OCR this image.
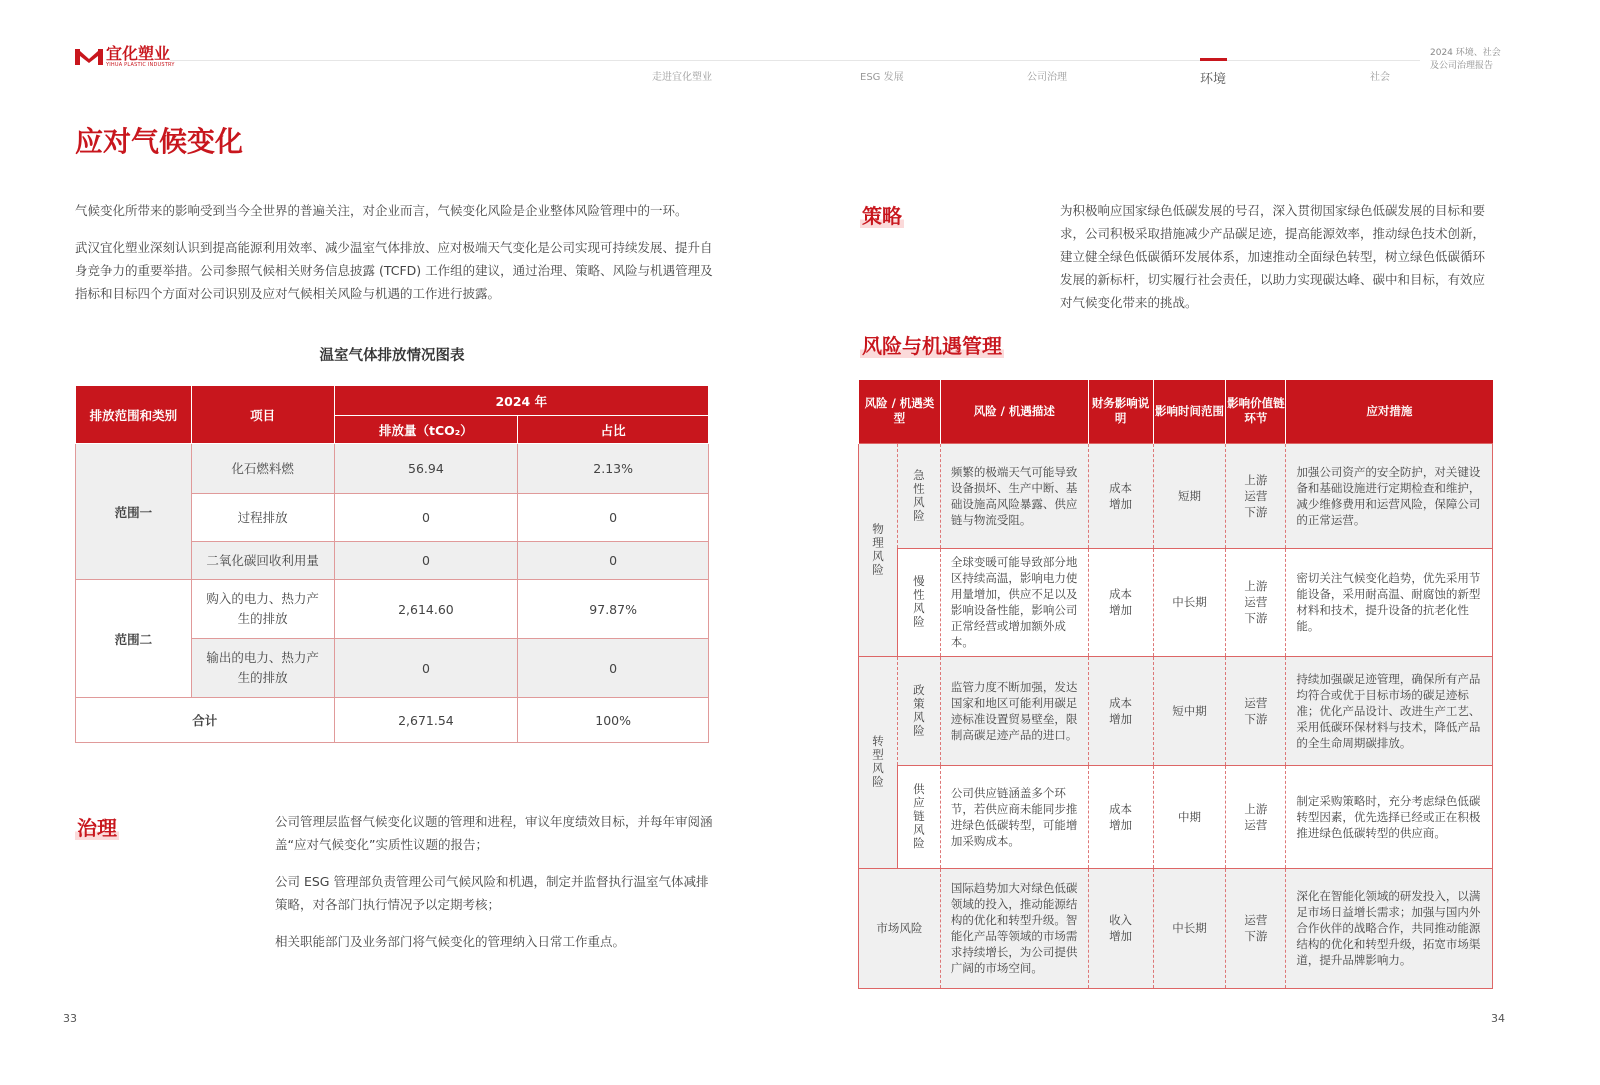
宜化塑业
YIHUA PLASTIC INDUSTRY
走进宜化塑业	ESG 发展	公司治理	环境	社会
2024 环境、社会
及公司治理报告
应对气候变化

气候变化所带来的影响受到当今全世界的普遍关注，对企业而言，气候变化风险是企业整体风险管理中的一环。

武汉宜化塑业深刻认识到提高能源利用效率、减少温室气体排放、应对极端天气变化是公司实现可持续发展、提升自身竞争力的重要举措。公司参照气候相关财务信息披露 (TCFD) 工作组的建议，通过治理、策略、风险与机遇管理及指标和目标四个方面对公司识别及应对气候相关风险与机遇的工作进行披露。

温室气体排放情况图表
排放范围和类别	项目	2024 年	
		排放量（tCO₂）	占比
范围一	化石燃料燃	56.94	2.13%
	过程排放	0	0
	二氧化碳回收利用量	0	0
范围二	购入的电力、热力产生的排放	2,614.60	97.87%
	输出的电力、热力产生的排放	0	0
合计		2,671.54	100%
治理	公司管理层监督气候变化议题的管理和进程，审议年度绩效目标，并每年审阅涵盖“应对气候变化”实质性议题的报告；

公司 ESG 管理部负责管理公司气候风险和机遇，制定并监督执行温室气体减排策略，对各部门执行情况予以定期考核；

相关职能部门及业务部门将气候变化的管理纳入日常工作重点。

策略	为积极响应国家绿色低碳发展的号召，深入贯彻国家绿色低碳发展的目标和要求，公司积极采取措施减少产品碳足迹，提高能源效率，推动绿色技术创新，建立健全绿色低碳循环发展体系，加速推动全面绿色转型，树立绿色低碳循环发展的新标杆，切实履行社会责任，以助力实现碳达峰、碳中和目标，有效应对气候变化带来的挑战。

风险与机遇管理
风险 / 机遇类型		风险 / 机遇描述	财务影响说明	影响时间范围	影响价值链环节	应对措施
物理风险	急性风险	频繁的极端天气可能导致设备损坏、生产中断、基础设施高风险暴露、供应链与物流受阻。	成本增加	短期	上游运营下游	加强公司资产的安全防护，对关键设备和基础设施进行定期检查和维护，减少维修费用和运营风险，保障公司的正常运营。
	慢性风险	全球变暖可能导致部分地区持续高温，影响电力使用量增加，供应不足以及影响设备性能，影响公司正常经营或增加额外成本。	成本增加	中长期	上游运营下游	密切关注气候变化趋势，优先采用节能设备，采用耐高温、耐腐蚀的新型材料和技术，提升设备的抗老化性能。
转型风险	政策风险	监管力度不断加强，发达国家和地区可能利用碳足迹标准设置贸易壁垒，限制高碳足迹产品的进口。	成本增加	短中期	运营下游	持续加强碳足迹管理，确保所有产品均符合或优于目标市场的碳足迹标准；优化产品设计、改进生产工艺、采用低碳环保材料与技术，降低产品的全生命周期碳排放。
	供应链风险	公司供应链涵盖多个环节，若供应商未能同步推进绿色低碳转型，可能增加采购成本。	成本增加	中期	上游运营	制定采购策略时，充分考虑绿色低碳转型因素，优先选择已经或正在积极推进绿色低碳转型的供应商。
市场风险		国际趋势加大对绿色低碳领域的投入，推动能源结构的优化和转型升级。智能化产品等领域的市场需求持续增长，为公司提供广阔的市场空间。	收入增加	中长期	运营下游	深化在智能化领域的研发投入，以满足市场日益增长需求；加强与国内外合作伙伴的战略合作，共同推动能源结构的优化和转型升级，拓宽市场渠道，提升品牌影响力。
33	34
